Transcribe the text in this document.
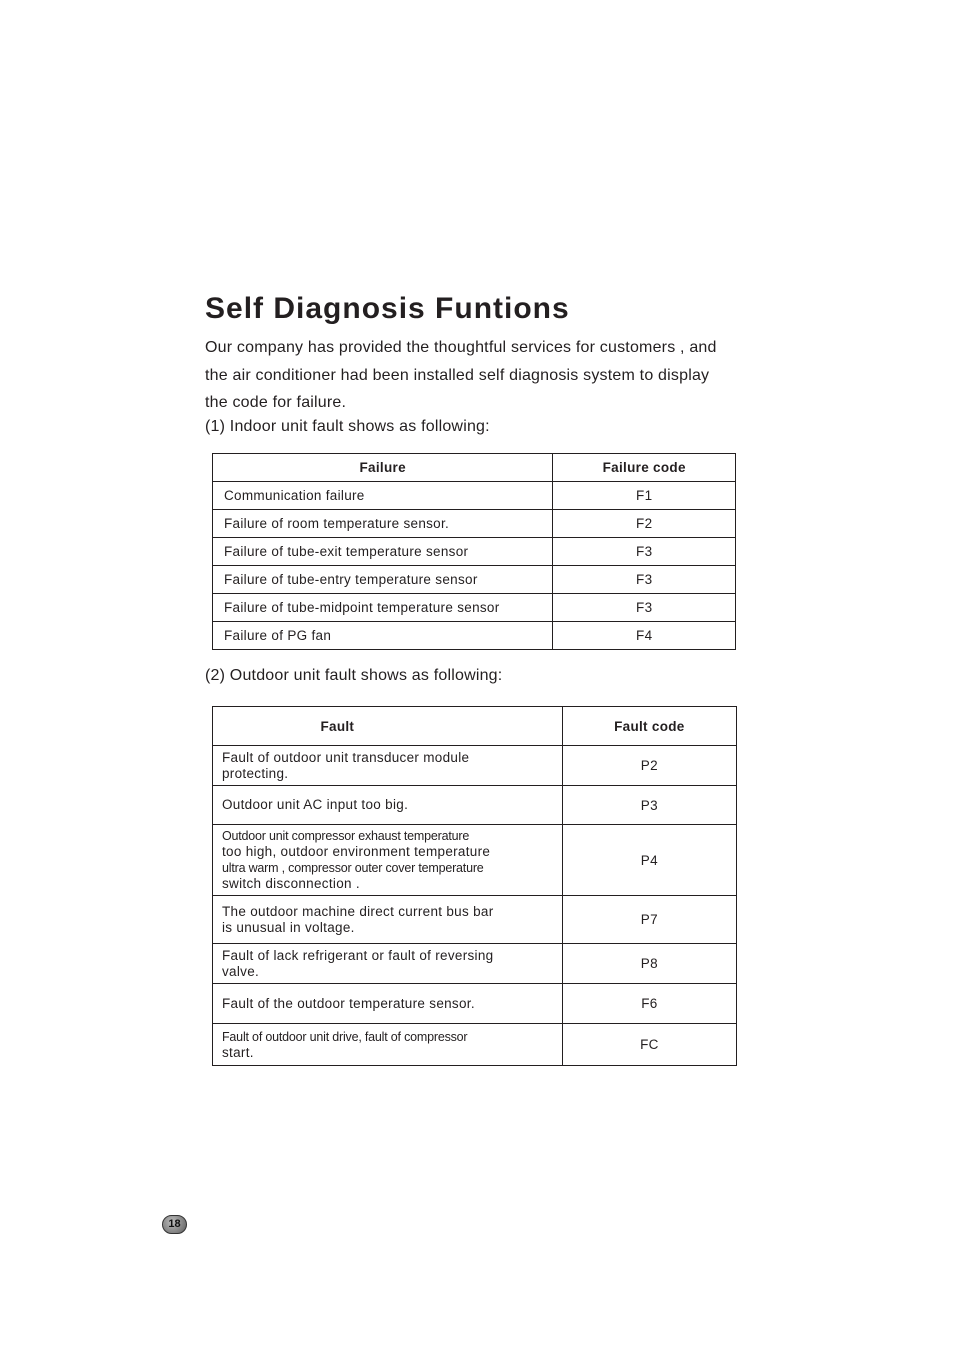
Self Diagnosis Funtions

Our company has provided the thoughtful services for customers , and

the air conditioner had been installed self diagnosis system to display

the code for failure.

(1) Indoor unit fault shows as following:
Failure	Failure code
Communication failure	F1
Failure of room temperature sensor.	F2
Failure of tube-exit temperature sensor	F3
Failure of tube-entry temperature sensor	F3
Failure of tube-midpoint temperature sensor	F3
Failure of PG fan	F4
(2) Outdoor unit fault shows as following:
Fault	Fault code

Fault of outdoor unit transducer module
protecting.	P2

Outdoor unit AC input too big.	P3

Outdoor unit compressor exhaust temperature
too high, outdoor environment temperature
ultra warm , compressor outer cover temperature
switch disconnection .	P4

The outdoor machine direct current bus bar
is unusual in voltage.	P7

Fault of lack refrigerant or fault of reversing
valve.	P8

Fault of the outdoor temperature sensor.	F6

Fault of outdoor unit drive, fault of compressor
start.	FC
18
